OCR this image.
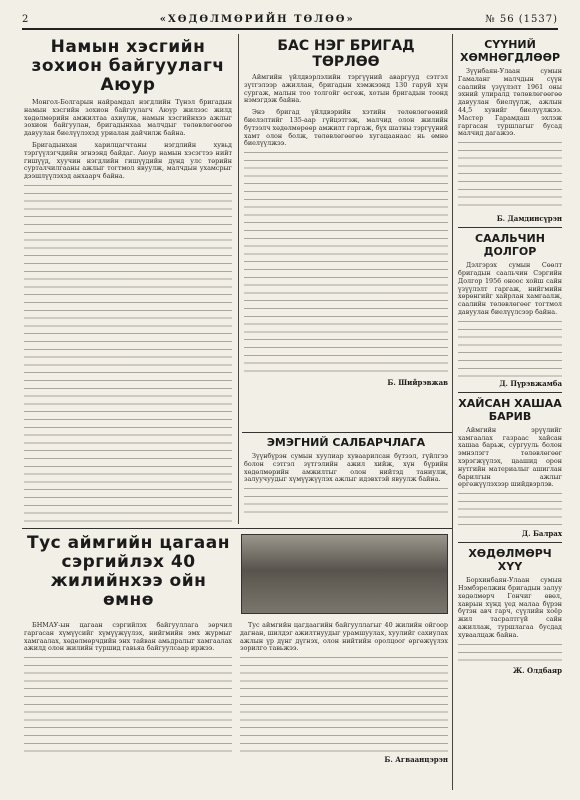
2	«ХӨДӨЛМӨРИЙН ТӨЛӨӨ»	№ 56 (1537)
Намын хэсгийн зохион байгуулагч Аюур

Монгол-Болгарын найрамдал нэгдлийн Түнэл бригадын намын хэсгийн зохион байгуулагч Аюур жилээс жилд хөдөлмөрийн амжилтаа ахиулж, намын хэсгийнхээ ажлыг зохион байгуулан, бригадынхаа малчдыг төлөвлөгөөгөө давуулан биелүүлэхэд уриалан дайчилж байна.

Бригадынхан харилцагчтаны нэгдлийн хувьд тэргүүлэгчдийн эгнээнд байдаг. Аюур намын хэсэгтээ нийт гишүүд, хуучин нэгдлийн гишүүдийн дунд улс төрийн сурталчилгааны ажлыг тогтмол явуулж, малчдын ухамсрыг дээшлүүлэхэд анхаарч байна.

БАС НЭГ БРИГАД ТӨРЛӨӨ

Аймгийн үйлдвэрлэлийн тэргүүний аваргууд сэтгэл зүтгэлээр ажиллан, бригадын хэмжээнд 130 гаруй хүн сургаж, малын тоо толгойг өсгөж, хотын бригадын тоонд нэмэгдэж байна.

Энэ бригад үйлдвэрийн хэтийн төлөвлөгөөний биелэлтийг 135-аар гүйцэтгэж, малчид олон жилийн бүтээлч хөдөлмөрөөр амжилт гаргаж, бүх шатны тэргүүний хамт олон болж, төлөвлөгөөгөө хугацаанаас нь өмнө биелүүлжээ.

Б. Шийрэвжав
ЭМЭГНИЙ САЛБАРЧЛАГА

Зүүнбүрэн сумын хуулиар хуваарилсан бүтээл, гүйлгээ болон сэтгэл зүтгэлийн ажил хийж, хүн бүрийн хөдөлмөрийн амжилтыг олон нийтэд таниулж, залуучуудыг хүмүүжүүлэх ажлыг идэвхтэй явуулж байна.

Тус аймгийн цагаан сэргийлэх 40 жилийнхээ ойн өмнө

БНМАУ-ын цагаан сэргийлэх байгууллага зөрчил гаргасан хүмүүсийг хүмүүжүүлэх, нийгмийн эмх журмыг хамгаалах, хөдөлмөрчдийн энх тайван амьдралыг хамгаалах ажилд олон жилийн туршид гавьяа байгуулсаар иржээ.

Тус аймгийн цагдаагийн байгууллагыг 40 жилийн ойгоор дагнан, шилдэг ажилтнуудыг урамшуулах, хуулийг сахиулах ажлын үр дүнг дүгнэх, олон нийтийн оролцоог өргөжүүлэх зорилго тавьжээ.

Б. Агваанцэрэн
СҮҮНИЙ ХӨМНӨГДЛӨӨР

Зүүнбаян-Улаан сумын Гамаланг малчдын сүүн саалийн үзүүлэлт 1961 оны эхний улиралд төлөвлөгөөгөө давуулан биелүүлж, ажлын 44,5 хувийг биелүүлжээ. Мастер Гарамдаш эхлэж гаргасан туршлагыг бусад малчид дагажээ.

Б. Дамдинсүрэн
СААЛЬЧИН ДОЛГОР

Дэлгэрэх сумын Сөөлт бригадын саальчин Сэргийн Долгор 1956 оноос хойш сайн үзүүлэлт гаргаж, нийгмийн хөрөнгийг хайрлан хамгаалж, саалийн төлөвлөгөөг тогтмол давуулан биелүүлсээр байна.

Д. Пүрэвжамба
ХАЙСАН ХАШАА БАРИВ

Аймгийн эрүүлийг хамгаалах газраас хайсан хашаа барьж, сургууль болон эмнэлэгт төлөвлөгөөг хэрэгжүүлэх, цаашид орон нутгийн материалыг ашиглан барилгын ажлыг өргөжүүлэхээр шийдвэрлэв.

Д. Балрах
ХӨДӨЛМӨРЧ ХҮҮ

Борхинбаян-Улаан сумын Нэмбэрелжин бригадын залуу хөдөлмөрч Гончиг өвөл, хаврын хүнд үед малаа бүрэн бүтэн авч гарч, сүүлийн хоёр жил тасралтгүй сайн ажиллаж, туршлагаа бусдад хуваалцаж байна.

Ж. Олдбаяр
